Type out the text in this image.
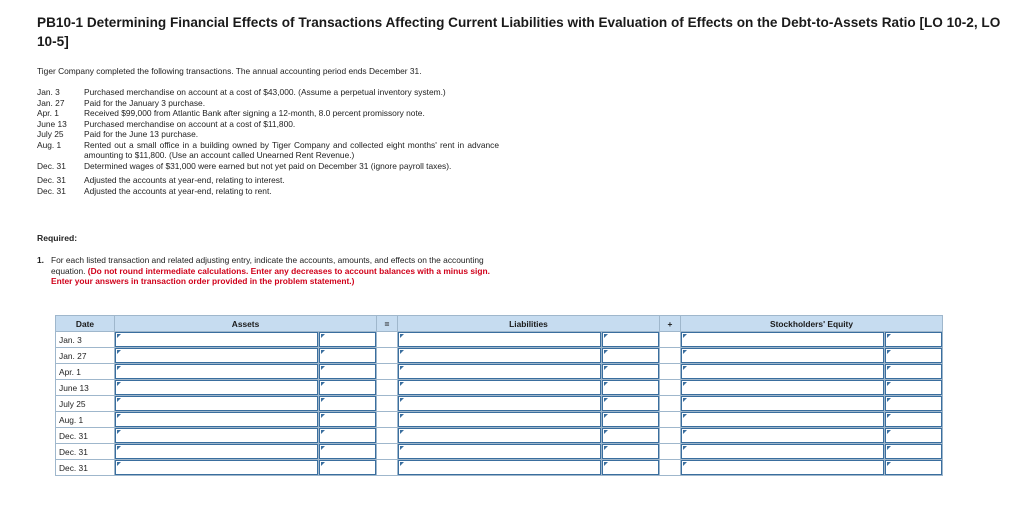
PB10-1 Determining Financial Effects of Transactions Affecting Current Liabilities with Evaluation of Effects on the Debt-to-Assets Ratio [LO 10-2, LO 10-5]
Tiger Company completed the following transactions. The annual accounting period ends December 31.
Jan. 3	Purchased merchandise on account at a cost of $43,000. (Assume a perpetual inventory system.)
Jan. 27	Paid for the January 3 purchase.
Apr. 1	Received $99,000 from Atlantic Bank after signing a 12-month, 8.0 percent promissory note.
June 13	Purchased merchandise on account at a cost of $11,800.
July 25	Paid for the June 13 purchase.
Aug. 1	Rented out a small office in a building owned by Tiger Company and collected eight months' rent in advance amounting to $11,800. (Use an account called Unearned Rent Revenue.)
Dec. 31	Determined wages of $31,000 were earned but not yet paid on December 31 (ignore payroll taxes).
Dec. 31	Adjusted the accounts at year-end, relating to interest.
Dec. 31	Adjusted the accounts at year-end, relating to rent.
Required:
1. For each listed transaction and related adjusting entry, indicate the accounts, amounts, and effects on the accounting equation. (Do not round intermediate calculations. Enter any decreases to account balances with a minus sign. Enter your answers in transaction order provided in the problem statement.)
Date	Assets		=	Liabilities		+	Stockholders' Equity	
Jan. 3	

Jan. 27	

Apr. 1	

June 13	

July 25	

Aug. 1	

Dec. 31	

Dec. 31	

Dec. 31	
